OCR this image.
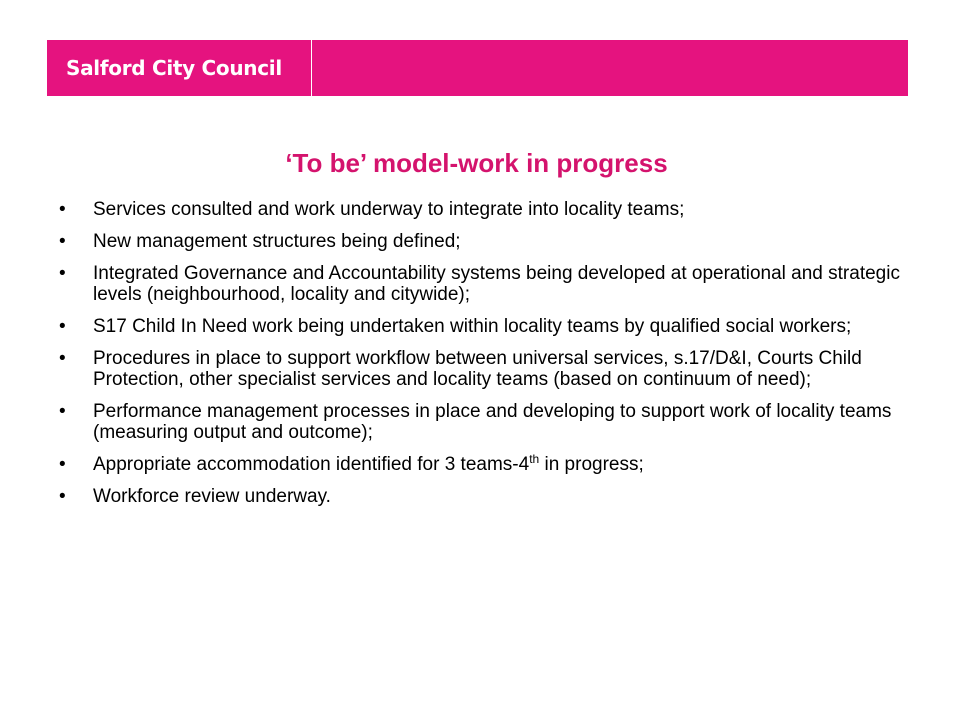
Salford City Council
‘To be’ model-work in progress
• Services consulted and work underway to integrate into locality teams;
• New management structures being defined;
• Integrated Governance and Accountability systems being developed at operational and strategic levels (neighbourhood, locality and citywide);
• S17 Child In Need work being undertaken within locality teams by qualified social workers;
• Procedures in place to support workflow between universal services, s.17/D&I, Courts Child Protection, other specialist services and locality teams (based on continuum of need);
• Performance management processes in place and developing to support work of locality teams (measuring output and outcome);
• Appropriate accommodation identified for 3 teams-4th in progress;
• Workforce review underway.
